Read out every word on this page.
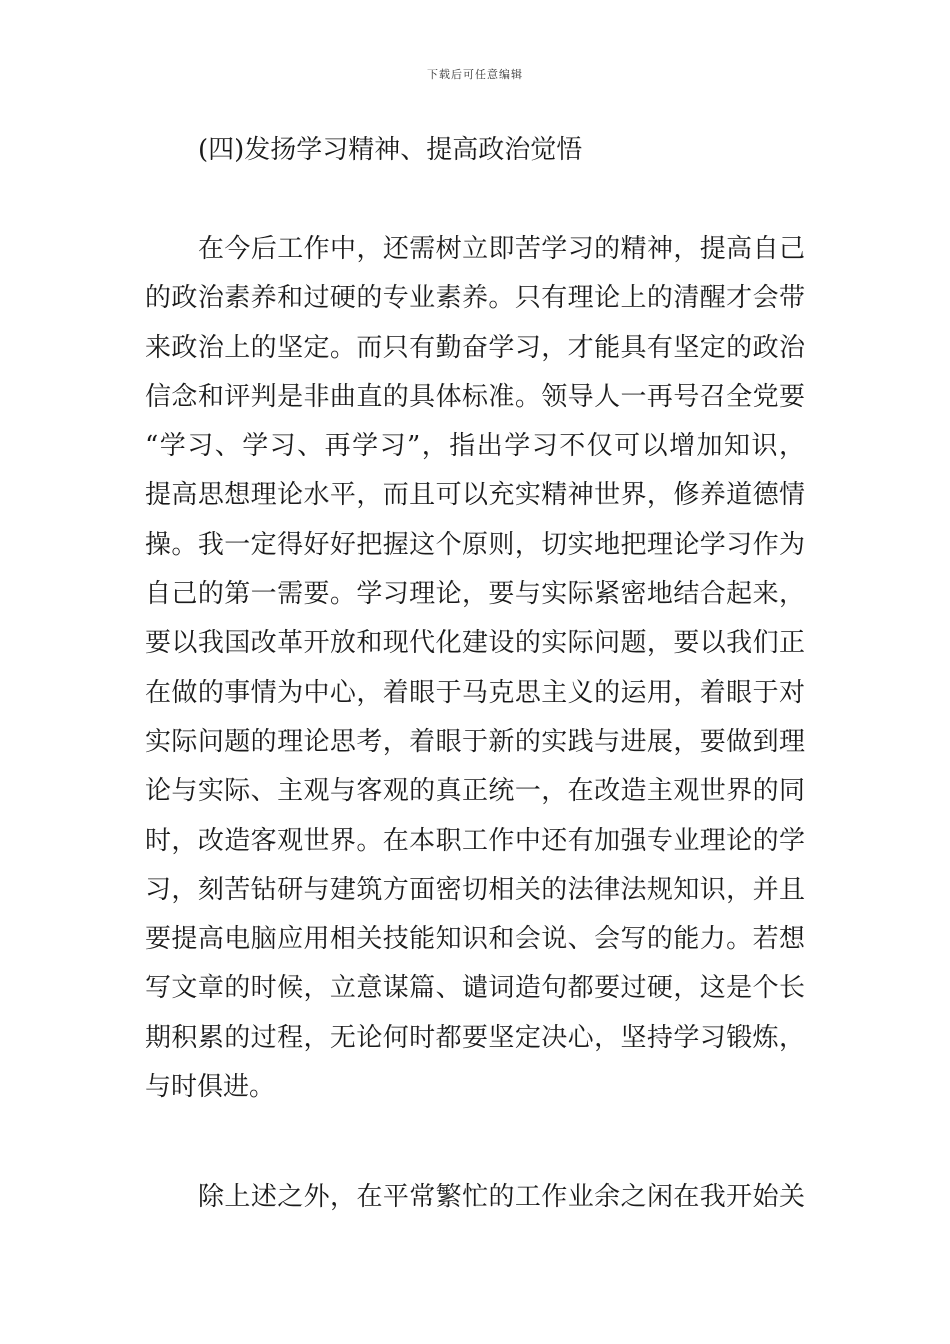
下载后可任意编辑
(四)发扬学习精神、提高政治觉悟
在今后工作中，还需树立即苦学习的精神，提高自己
的政治素养和过硬的专业素养。只有理论上的清醒才会带
来政治上的坚定。而只有勤奋学习，才能具有坚定的政治
信念和评判是非曲直的具体标准。领导人一再号召全党要
“学习、学习、再学习”，指出学习不仅可以增加知识，
提高思想理论水平，而且可以充实精神世界，修养道德情
操。我一定得好好把握这个原则，切实地把理论学习作为
自己的第一需要。学习理论，要与实际紧密地结合起来，
要以我国改革开放和现代化建设的实际问题，要以我们正
在做的事情为中心，着眼于马克思主义的运用，着眼于对
实际问题的理论思考，着眼于新的实践与进展，要做到理
论与实际、主观与客观的真正统一，在改造主观世界的同
时，改造客观世界。在本职工作中还有加强专业理论的学
习，刻苦钻研与建筑方面密切相关的法律法规知识，并且
要提高电脑应用相关技能知识和会说、会写的能力。若想
写文章的时候，立意谋篇、谴词造句都要过硬，这是个长
期积累的过程，无论何时都要坚定决心，坚持学习锻炼，
与时俱进。
除上述之外，在平常繁忙的工作业余之闲在我开始关
